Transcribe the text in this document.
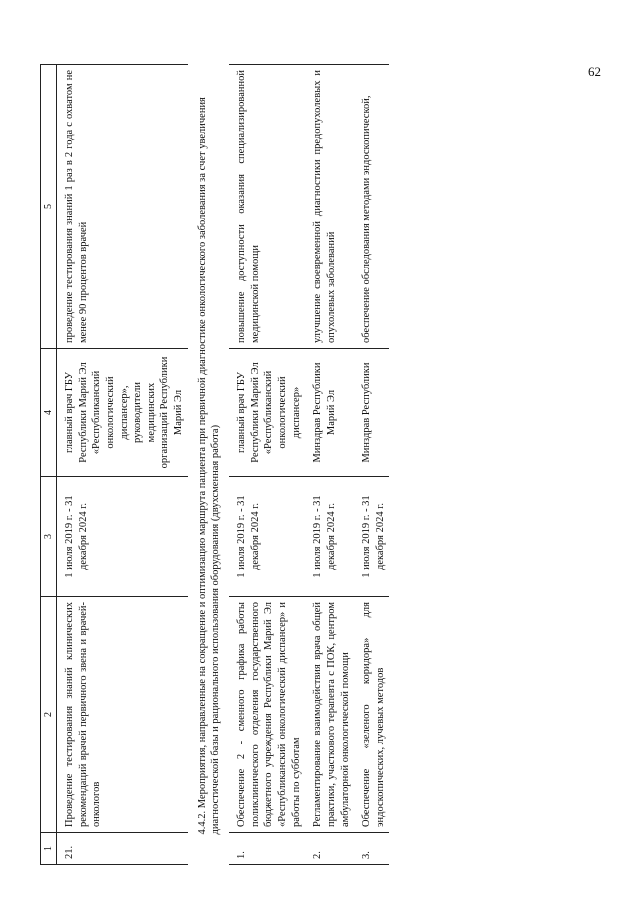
62
1	2	3	4	5
21.	Проведение тестирования знаний клинических рекомендаций врачей первичного звена и врачей-онкологов	1 июля 2019 г. - 31 декабря 2024 г.	главный врач ГБУ Республики Марий Эл «Республиканский онкологический диспансер», руководители медицинских организаций Республики Марий Эл	проведение тестирования знаний 1 раз в 2 года с охватом не менее 90 процентов врачей
4.4.2. Мероприятия, направленные на сокращение и оптимизацию маршрута пациента при первичной диагностике онкологического заболевания за счет увеличения диагностической базы и рационального использования оборудования (двухсменная работа)				
1.	Обеспечение 2 - сменного графика работы поликлинического отделения государственного бюджетного учреждения Республики Марий Эл «Республиканский онкологический диспансер» и работы по субботам	1 июля 2019 г. - 31 декабря 2024 г.	главный врач ГБУ Республики Марий Эл «Республиканский онкологический диспансер»	повышение доступности оказания специализированной медицинской помощи
2.	Регламентирование взаимодействия врача общей практики, участкового терапевта с ПОК, центром амбулаторной онкологической помощи	1 июля 2019 г. - 31 декабря 2024 г.	Минздрав Республики Марий Эл	улучшение своевременной диагностики предопухолевых и опухолевых заболеваний
3.	Обеспечение «зеленого коридора» для эндоскопических, лучевых методов	1 июля 2019 г. - 31 декабря 2024 г.	Минздрав Республики	обеспечение обследования методами эндоскопической,
